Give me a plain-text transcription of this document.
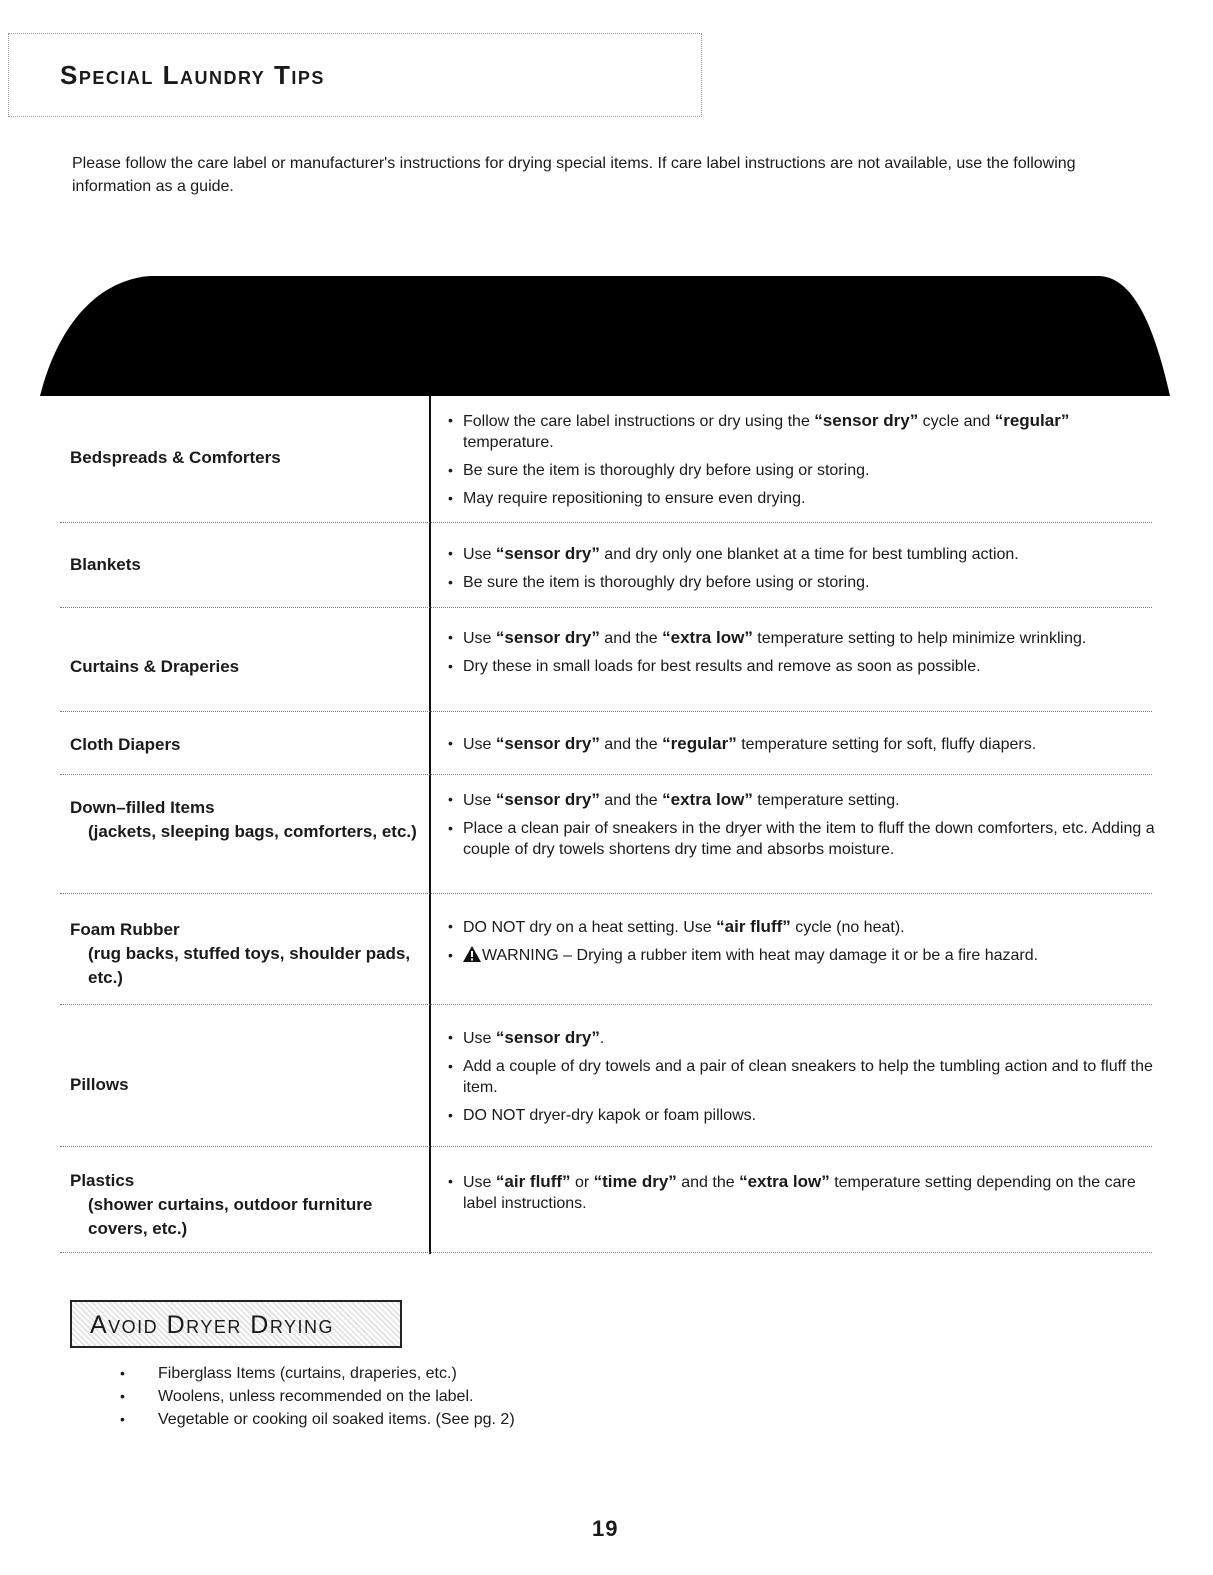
Special Laundry Tips

Please follow the care label or manufacturer's instructions for drying special items. If care label instructions are not available, use the following information as a guide.

Bedspreads & Comforters
• Follow the care label instructions or dry using the “sensor dry” cycle and “regular” temperature.
• Be sure the item is thoroughly dry before using or storing.
• May require repositioning to ensure even drying.
Blankets
• Use “sensor dry” and dry only one blanket at a time for best tumbling action.
• Be sure the item is thoroughly dry before using or storing.
Curtains & Draperies
• Use “sensor dry” and the “extra low” temperature setting to help minimize wrinkling.
• Dry these in small loads for best results and remove as soon as possible.
Cloth Diapers
•	Use “sensor dry” and the “regular” temperature setting for soft, fluffy diapers.
Down–filled Items
(jackets, sleeping bags, comforters, etc.)
• Use “sensor dry” and the “extra low” temperature setting.
• Place a clean pair of sneakers in the dryer with the item to fluff the down comforters, etc. Adding a couple of dry towels shortens dry time and absorbs moisture.
Foam Rubber
(rug backs, stuffed toys, shoulder pads, etc.)
• DO NOT dry on a heat setting. Use “air fluff” cycle (no heat).
• WARNING – Drying a rubber item with heat may damage it or be a fire hazard.
Pillows
• Use “sensor dry”.
• Add a couple of dry towels and a pair of clean sneakers to help the tumbling action and to fluff the item.
• DO NOT dryer-dry kapok or foam pillows.
Plastics
(shower curtains, outdoor furniture covers, etc.)
• Use “air fluff” or “time dry” and the “extra low” temperature setting depending on the care label instructions.
Avoid Dryer Drying
• Fiberglass Items (curtains, draperies, etc.)
• Woolens, unless recommended on the label.
• Vegetable or cooking oil soaked items. (See pg. 2)
19
